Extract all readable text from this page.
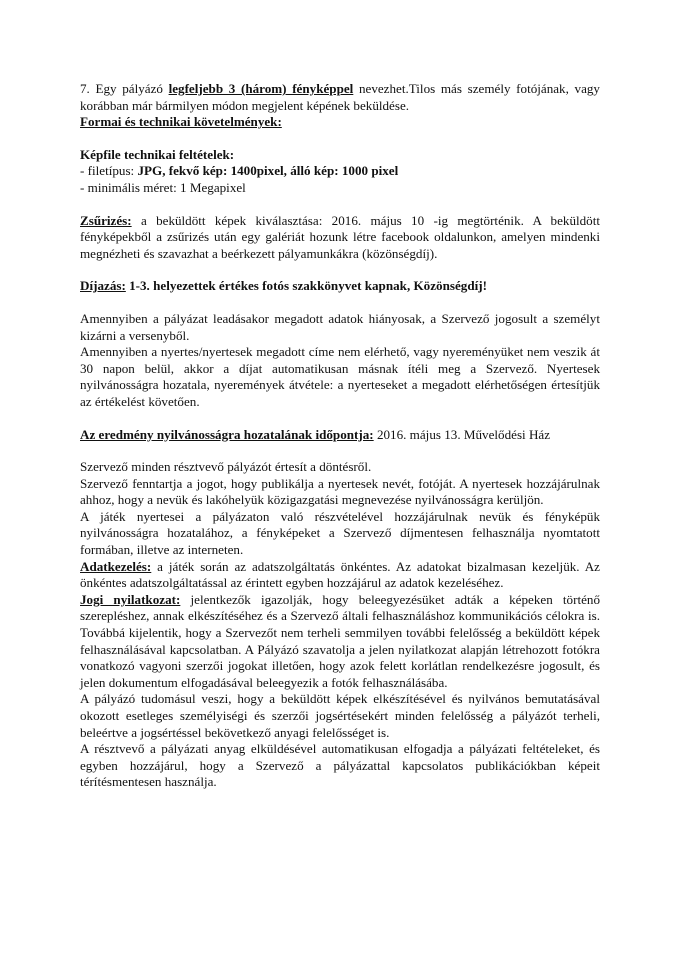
7. Egy pályázó legfeljebb 3 (három) fényképpel nevezhet.Tilos más személy fotójának, vagy korábban már bármilyen módon megjelent képének beküldése.

Formai és technikai követelmények:

Képfile technikai feltételek:

- filetípus: JPG, fekvő kép: 1400pixel, álló kép: 1000 pixel

- minimális méret: 1 Megapixel

Zsűrizés: a beküldött képek kiválasztása: 2016. május 10 -ig megtörténik. A beküldött fényképekből a zsűrizés után egy galériát hozunk létre facebook oldalunkon, amelyen mindenki megnézheti és szavazhat a beérkezett pályamunkákra (közönségdíj).

Díjazás: 1-3. helyezettek értékes fotós szakkönyvet kapnak, Közönségdíj!

Amennyiben a pályázat leadásakor megadott adatok hiányosak, a Szervező jogosult a személyt kizárni a versenyből.

Amennyiben a nyertes/nyertesek megadott címe nem elérhető, vagy nyereményüket nem veszik át 30 napon belül, akkor a díjat automatikusan másnak ítéli meg a Szervező. Nyertesek nyilvánosságra hozatala, nyeremények átvétele: a nyerteseket a megadott elérhetőségen értesítjük az értékelést követően.

Az eredmény nyilvánosságra hozatalának időpontja: 2016. május 13. Művelődési Ház

Szervező minden résztvevő pályázót értesít a döntésről.

Szervező fenntartja a jogot, hogy publikálja a nyertesek nevét, fotóját. A nyertesek hozzájárulnak ahhoz, hogy a nevük és lakóhelyük közigazgatási megnevezése nyilvánosságra kerüljön.

A játék nyertesei a pályázaton való részvételével hozzájárulnak nevük és fényképük nyilvánosságra hozatalához, a fényképeket a Szervező díjmentesen felhasználja nyomtatott formában, illetve az interneten.

Adatkezelés: a játék során az adatszolgáltatás önkéntes. Az adatokat bizalmasan kezeljük. Az önkéntes adatszolgáltatással az érintett egyben hozzájárul az adatok kezeléséhez.

Jogi nyilatkozat: jelentkezők igazolják, hogy beleegyezésüket adták a képeken történő szerepléshez, annak elkészítéséhez és a Szervező általi felhasználáshoz kommunikációs célokra is. Továbbá kijelentik, hogy a Szervezőt nem terheli semmilyen további felelősség a beküldött képek felhasználásával kapcsolatban. A Pályázó szavatolja a jelen nyilatkozat alapján létrehozott fotókra vonatkozó vagyoni szerzői jogokat illetően, hogy azok felett korlátlan rendelkezésre jogosult, és jelen dokumentum elfogadásával beleegyezik a fotók felhasználásába.

A pályázó tudomásul veszi, hogy a beküldött képek elkészítésével és nyilvános bemutatásával okozott esetleges személyiségi és szerzői jogsértésekért minden felelősség a pályázót terheli, beleértve a jogsértéssel bekövetkező anyagi felelősséget is.

A résztvevő a pályázati anyag elküldésével automatikusan elfogadja a pályázati feltételeket, és egyben hozzájárul, hogy a Szervező a pályázattal kapcsolatos publikációkban képeit térítésmentesen használja.
